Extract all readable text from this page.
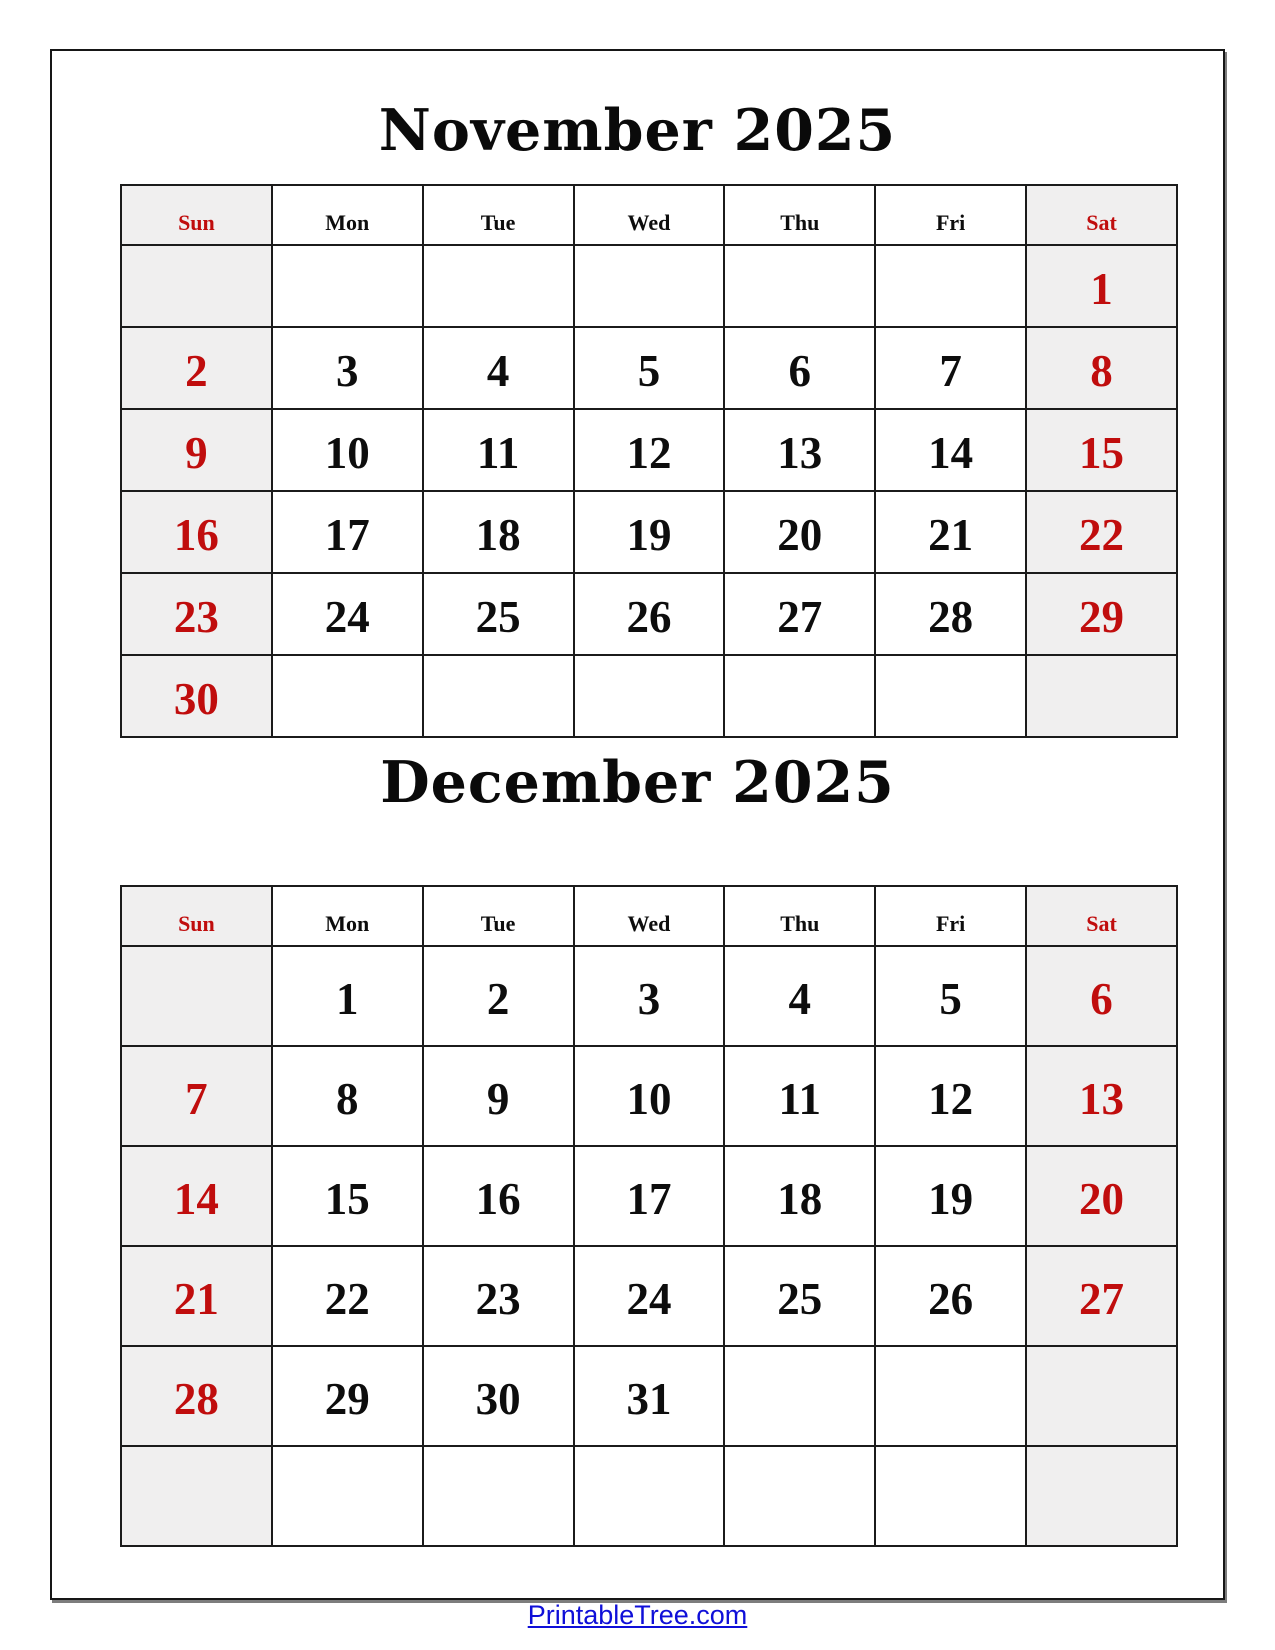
November 2025
Sun	Mon	Tue	Wed	Thu	Fri	Sat
						1
2	3	4	5	6	7	8
9	10	11	12	13	14	15
16	17	18	19	20	21	22
23	24	25	26	27	28	29
30						
December 2025
Sun	Mon	Tue	Wed	Thu	Fri	Sat
	1	2	3	4	5	6
7	8	9	10	11	12	13
14	15	16	17	18	19	20
21	22	23	24	25	26	27
28	29	30	31			

PrintableTree.com
